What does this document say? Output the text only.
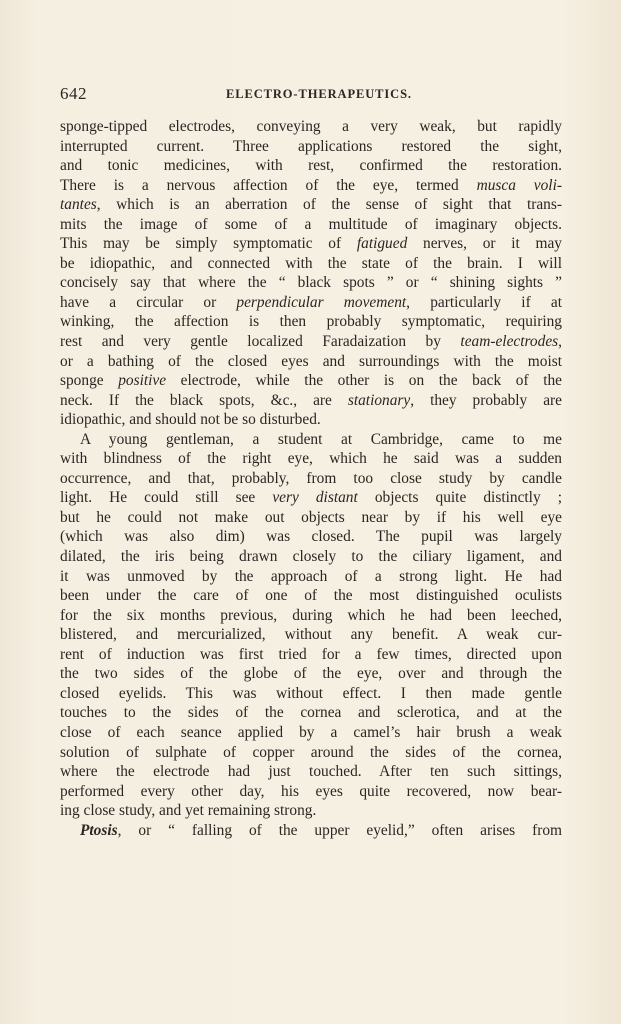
642	ELECTRO-THERAPEUTICS.
sponge-tipped electrodes, conveying a very weak, but rapidly
interrupted current. Three applications restored the sight,
and tonic medicines, with rest, confirmed the restoration.
There is a nervous affection of the eye, termed musca voli-
tantes, which is an aberration of the sense of sight that trans-
mits the image of some of a multitude of imaginary objects.
This may be simply symptomatic of fatigued nerves, or it may
be idiopathic, and connected with the state of the brain. I will
concisely say that where the “ black spots ” or “ shining sights ”
have a circular or perpendicular movement, particularly if at
winking, the affection is then probably symptomatic, requiring
rest and very gentle localized Faradaization by team-electrodes,
or a bathing of the closed eyes and surroundings with the moist
sponge positive electrode, while the other is on the back of the
neck. If the black spots, &c., are stationary, they probably are
idiopathic, and should not be so disturbed.
A young gentleman, a student at Cambridge, came to me
with blindness of the right eye, which he said was a sudden
occurrence, and that, probably, from too close study by candle
light. He could still see very distant objects quite distinctly ;
but he could not make out objects near by if his well eye
(which was also dim) was closed. The pupil was largely
dilated, the iris being drawn closely to the ciliary ligament, and
it was unmoved by the approach of a strong light. He had
been under the care of one of the most distinguished oculists
for the six months previous, during which he had been leeched,
blistered, and mercurialized, without any benefit. A weak cur-
rent of induction was first tried for a few times, directed upon
the two sides of the globe of the eye, over and through the
closed eyelids. This was without effect. I then made gentle
touches to the sides of the cornea and sclerotica, and at the
close of each seance applied by a camel’s hair brush a weak
solution of sulphate of copper around the sides of the cornea,
where the electrode had just touched. After ten such sittings,
performed every other day, his eyes quite recovered, now bear-
ing close study, and yet remaining strong.
Ptosis, or “ falling of the upper eyelid,” often arises from
